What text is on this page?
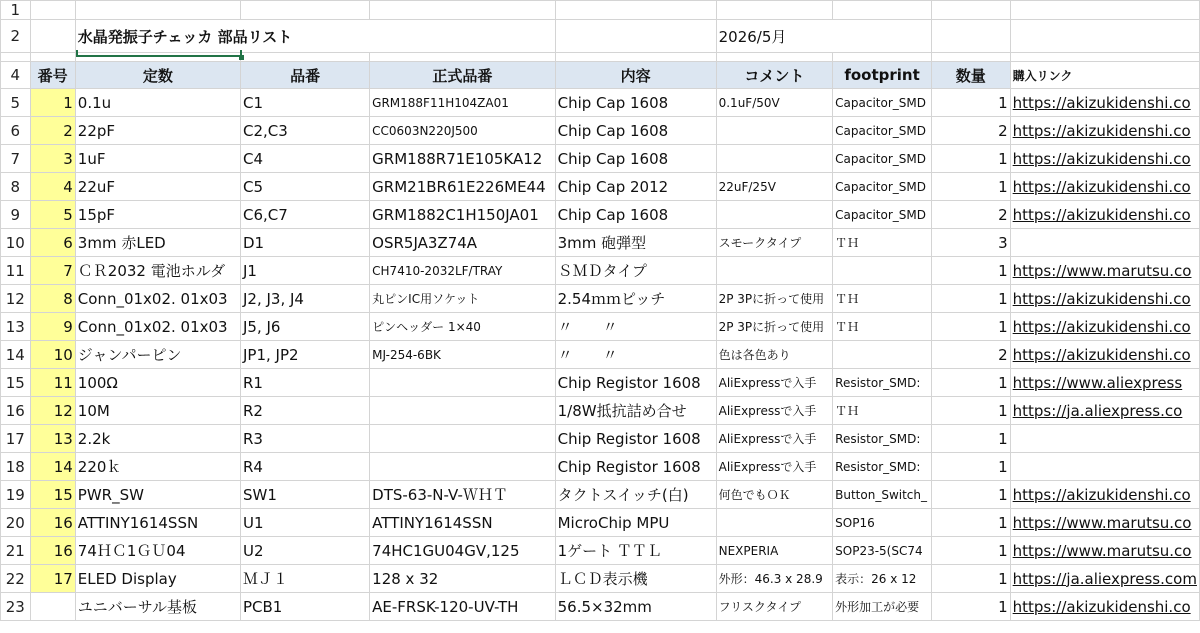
1									
2		水晶発振子チェッカ 部品リスト				2026/5月			

4	番号	定数	品番	正式品番	内容	コメント	footprint	数量	購入リンク
5	1	0.1u	C1	GRM188F11H104ZA01	Chip Cap 1608	0.1uF/50V	Capacitor_SMD	1	https://akizukidenshi.co
6	2	22pF	C2,C3	CC0603N220J500	Chip Cap 1608		Capacitor_SMD	2	https://akizukidenshi.co
7	3	1uF	C4	GRM188R71E105KA12	Chip Cap 1608		Capacitor_SMD	1	https://akizukidenshi.co
8	4	22uF	C5	GRM21BR61E226ME44	Chip Cap 2012	22uF/25V	Capacitor_SMD	1	https://akizukidenshi.co
9	5	15pF	C6,C7	GRM1882C1H150JA01	Chip Cap 1608		Capacitor_SMD	2	https://akizukidenshi.co
10	6	3mm 赤LED	D1	OSR5JA3Z74A	3mm 砲弾型	スモークタイプ	ＴＨ	3	
11	7	ＣＲ2032 電池ホルダ	J1	CH7410-2032LF/TRAY	ＳＭＤタイプ			1	https://www.marutsu.co
12	8	Conn_01x02. 01x03	J2, J3, J4	丸ピンIC用ソケット	2.54ｍｍピッチ	2P 3Pに折って使用	ＴＨ	1	https://akizukidenshi.co
13	9	Conn_01x02. 01x03	J5, J6	ピンヘッダー 1×40	〃　　〃	2P 3Pに折って使用	ＴＨ	1	https://akizukidenshi.co
14	10	ジャンパーピン	JP1, JP2	MJ-254-6BK	〃　　〃	色は各色あり		2	https://akizukidenshi.co
15	11	100Ω	R1		Chip Registor 1608	AliExpressで入手	Resistor_SMD:	1	https://www.aliexpress
16	12	10M	R2		1/8W抵抗詰め合せ	AliExpressで入手	ＴＨ	1	https://ja.aliexpress.co
17	13	2.2k	R3		Chip Registor 1608	AliExpressで入手	Resistor_SMD:	1	
18	14	220ｋ	R4		Chip Registor 1608	AliExpressで入手	Resistor_SMD:	1	
19	15	PWR_SW	SW1	DTS-63-N-V-ＷＨＴ	タクトスイッチ(白)	何色でもＯＫ	Button_Switch_	1	https://akizukidenshi.co
20	16	ATTINY1614SSN	U1	ATTINY1614SSN	MicroChip MPU		SOP16	1	https://www.marutsu.co
21	16	74ＨＣ1ＧＵ04	U2	74HC1GU04GV,125	1ゲート ＴＴＬ	NEXPERIA	SOP23-5(SC74	1	https://www.marutsu.co
22	17	ELED Display	ＭＪ１	128 x 32	ＬＣＤ表示機	外形：46.3 x 28.9	表示：26 x 12	1	https://ja.aliexpress.com
23		ユニバーサル基板	PCB1	AE-FRSK-120-UV-TH	56.5×32mm	フリスクタイプ	外形加工が必要	1	https://akizukidenshi.co
